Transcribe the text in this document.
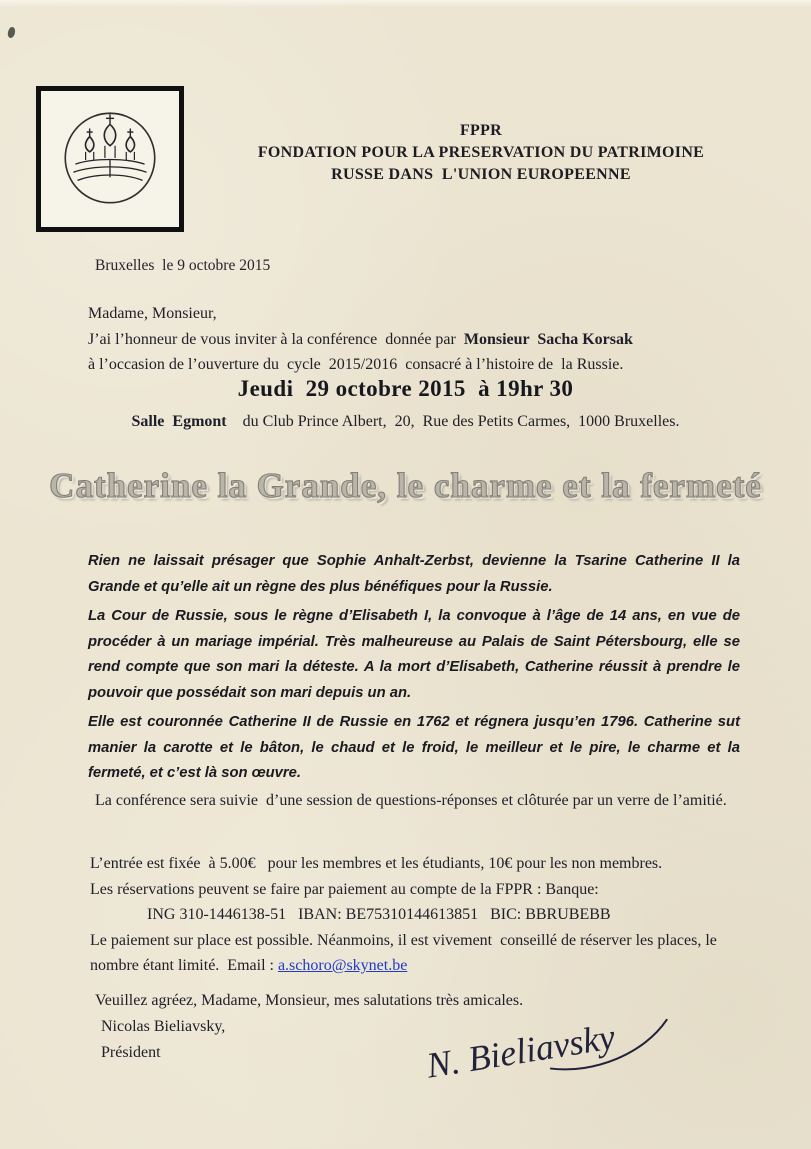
FPPR
FONDATION POUR LA PRESERVATION DU PATRIMOINE
RUSSE DANS  L'UNION EUROPEENNE
Bruxelles  le 9 octobre 2015
Madame, Monsieur,
J’ai l’honneur de vous inviter à la conférence  donnée par  Monsieur  Sacha Korsak
à l’occasion de l’ouverture du  cycle  2015/2016  consacré à l’histoire de  la Russie.
Jeudi  29 octobre 2015  à 19hr 30
Salle  Egmont    du Club Prince Albert,  20,  Rue des Petits Carmes,  1000 Bruxelles.
Catherine la Grande, le charme et la fermeté

Rien ne laissait présager que Sophie Anhalt-Zerbst, devienne la Tsarine Catherine II la Grande et qu’elle ait un règne des plus bénéfiques pour la Russie.

La Cour de Russie, sous le règne d’Elisabeth I, la convoque à l’âge de 14 ans, en vue de procéder à un mariage impérial. Très malheureuse au Palais de Saint Pétersbourg, elle se rend compte que son mari la déteste. A la mort d’Elisabeth, Catherine réussit à prendre le pouvoir que possédait son mari depuis un an.

Elle est couronnée Catherine II de Russie en 1762 et régnera jusqu’en 1796. Catherine sut manier la carotte et le bâton, le chaud et le froid, le meilleur et le pire, le charme et la fermeté, et c’est là son œuvre.

La conférence sera suivie  d’une session de questions-réponses et clôturée par un verre de l’amitié.
L’entrée est fixée  à 5.00€   pour les membres et les étudiants, 10€ pour les non membres.
Les réservations peuvent se faire par paiement au compte de la FPPR : Banque:
ING 310-1446138-51   IBAN: BE75310144613851   BIC: BBRUBEBB
Le paiement sur place est possible. Néanmoins, il est vivement  conseillé de réserver les places, le nombre étant limité.  Email : a.schoro@skynet.be
Veuillez agréez, Madame, Monsieur, mes salutations très amicales.
Nicolas Bieliavsky,
Président	N. Bieliavsky
